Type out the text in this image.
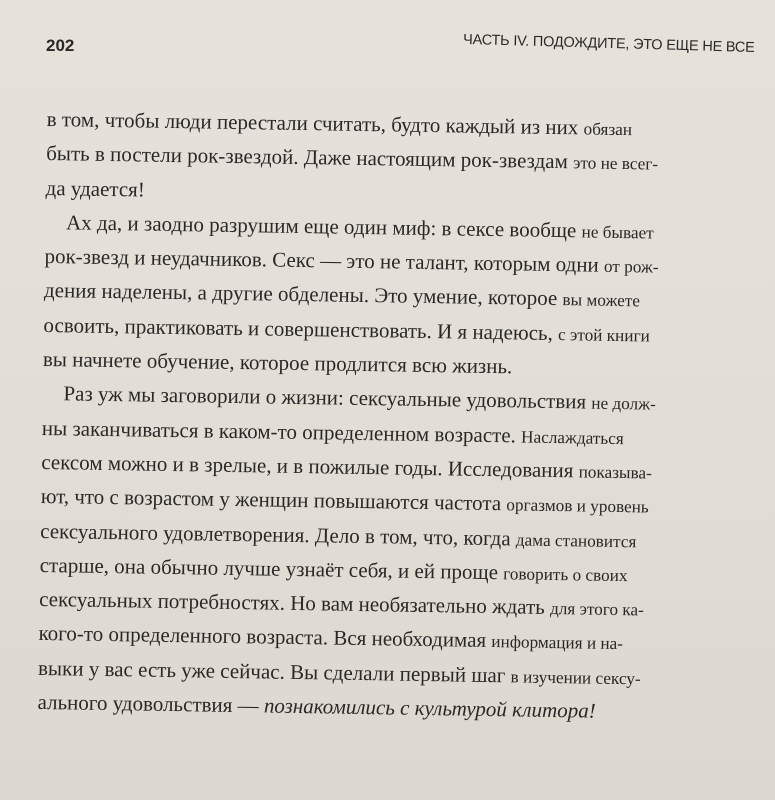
202	ЧАСТЬ IV. ПОДОЖДИТЕ, ЭТО ЕЩЕ НЕ ВСЕ
в том, чтобы люди перестали считать, будто каждый из них обязан
быть в постели рок-звездой. Даже настоящим рок-звездам это не всег-
да удается!
Ах да, и заодно разрушим еще один миф: в сексе вообще не бывает
рок-звезд и неудачников. Секс — это не талант, которым одни от рож-
дения наделены, а другие обделены. Это умение, которое вы можете
освоить, практиковать и совершенствовать. И я надеюсь, с этой книги
вы начнете обучение, которое продлится всю жизнь.
Раз уж мы заговорили о жизни: сексуальные удовольствия не долж-
ны заканчиваться в каком-то определенном возрасте. Наслаждаться
сексом можно и в зрелые, и в пожилые годы. Исследования показыва-
ют, что с возрастом у женщин повышаются частота оргазмов и уровень
сексуального удовлетворения. Дело в том, что, когда дама становится
старше, она обычно лучше узнаёт себя, и ей проще говорить о своих
сексуальных потребностях. Но вам необязательно ждать для этого ка-
кого-то определенного возраста. Вся необходимая информация и на-
выки у вас есть уже сейчас. Вы сделали первый шаг в изучении сексу-
ального удовольствия — познакомились с культурой клитора!
